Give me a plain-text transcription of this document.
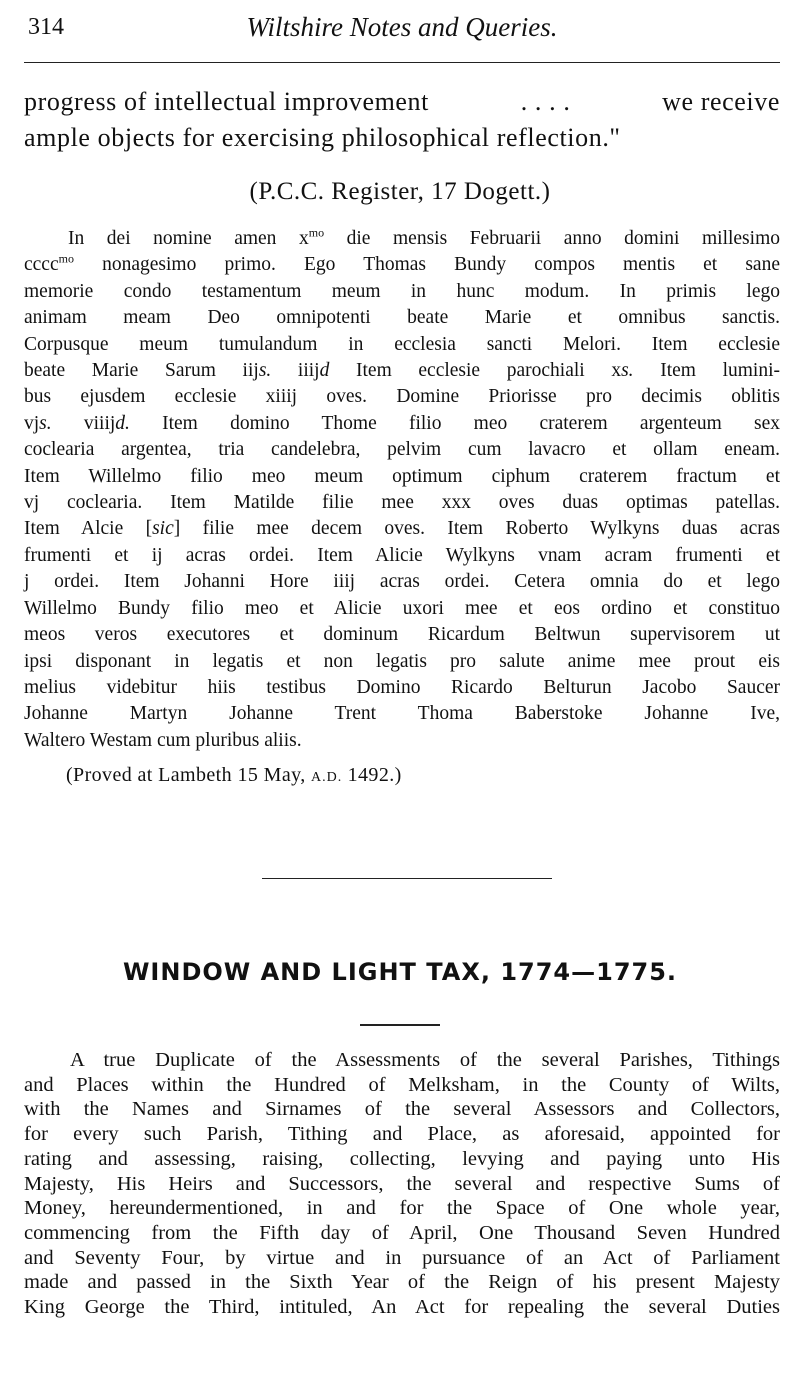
314	Wiltshire Notes and Queries.
progress of intellectual improvement	. . . .	we receive
ample objects for exercising philosophical reflection."
(P.C.C. Register, 17 Dogett.)
In dei nomine amen $x^{mo}$ die mensis Februarii anno domini millesimo
cccc$^{mo}$ nonagesimo primo. Ego Thomas Bundy compos mentis et sane
memorie condo testamentum meum in hunc modum. In primis lego
animam meam Deo omnipotenti beate Marie et omnibus sanctis.
Corpusque meum tumulandum in ecclesia sancti Melori. Item ecclesie
beate Marie Sarum iijs. iiijd Item ecclesie parochiali xs. Item lumini-
bus ejusdem ecclesie xiiij oves. Domine Priorisse pro decimis oblitis
vjs. viiijd. Item domino Thome filio meo craterem argenteum sex
coclearia argentea, tria candelebra, pelvim cum lavacro et ollam eneam.
Item Willelmo filio meo meum optimum ciphum craterem fractum et
vj coclearia. Item Matilde filie mee xxx oves duas optimas patellas.
Item Alcie [sic] filie mee decem oves. Item Roberto Wylkyns duas acras
frumenti et ij acras ordei. Item Alicie Wylkyns vnam acram frumenti et
j ordei. Item Johanni Hore iiij acras ordei. Cetera omnia do et lego
Willelmo Bundy filio meo et Alicie uxori mee et eos ordino et constituo
meos veros executores et dominum Ricardum Beltwun supervisorem ut
ipsi disponant in legatis et non legatis pro salute anime mee prout eis
melius videbitur hiis testibus Domino Ricardo Belturun Jacobo Saucer
Johanne Martyn Johanne Trent Thoma Baberstoke Johanne Ive,
Waltero Westam cum pluribus aliis.
(Proved at Lambeth 15 May, A.D. 1492.)
WINDOW AND LIGHT TAX, 1774—1775.
A true Duplicate of the Assessments of the several Parishes, Tithings
and Places within the Hundred of Melksham, in the County of Wilts,
with the Names and Sirnames of the several Assessors and Collectors,
for every such Parish, Tithing and Place, as aforesaid, appointed for
rating and assessing, raising, collecting, levying and paying unto His
Majesty, His Heirs and Successors, the several and respective Sums of
Money, hereundermentioned, in and for the Space of One whole year,
commencing from the Fifth day of April, One Thousand Seven Hundred
and Seventy Four, by virtue and in pursuance of an Act of Parliament
made and passed in the Sixth Year of the Reign of his present Majesty
King George the Third, intituled, An Act for repealing the several Duties
